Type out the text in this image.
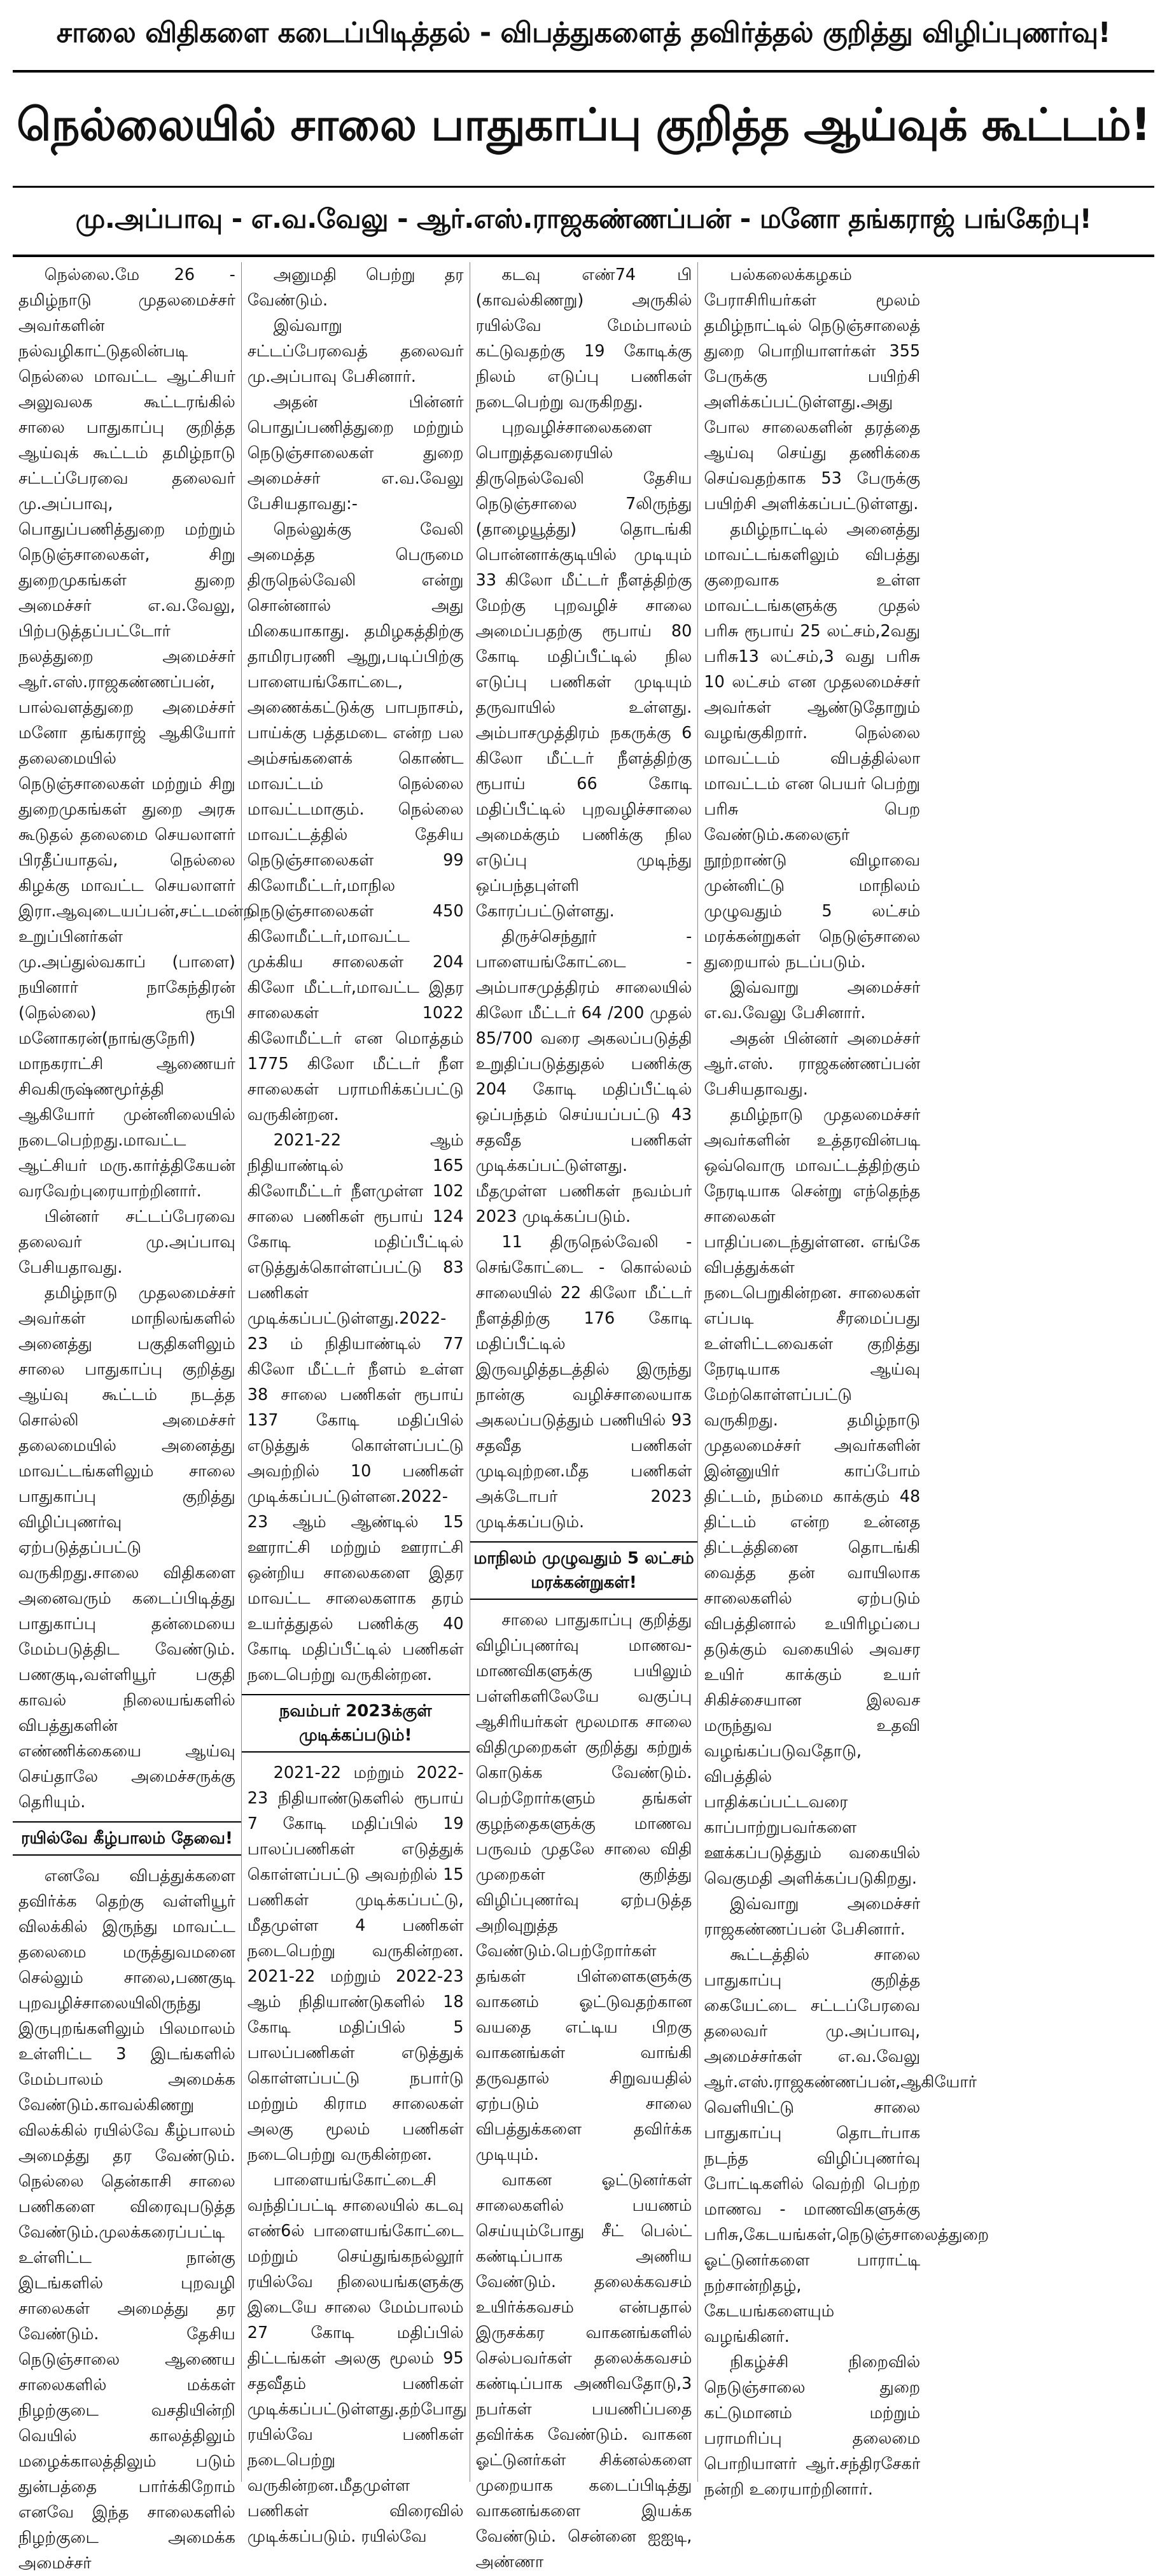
சாலை விதிகளை கடைப்பிடித்தல் - விபத்துகளைத் தவிர்த்தல் குறித்து விழிப்புணர்வு!
நெல்லையில் சாலை பாதுகாப்பு குறித்த ஆய்வுக் கூட்டம்!
மு.அப்பாவு - எ.வ.வேலு - ஆர்.எஸ்.ராஜகண்ணப்பன் - மனோ தங்கராஜ் பங்கேற்பு!

நெல்லை.மே 26 - தமிழ்நாடு முதலமைச்சர் அவர்களின் நல்வழிகாட்டுதலின்படி நெல்லை மாவட்ட ஆட்சியர் அலுவலக கூட்டரங்கில் சாலை பாதுகாப்பு குறித்த ஆய்வுக் கூட்டம் தமிழ்நாடு சட்டப்பேரவை தலைவர் மு.அப்பாவு, பொதுப்பணித்துறை மற்றும் நெடுஞ்சாலைகள், சிறு துறைமுகங்கள் துறை அமைச்சர் எ.வ.வேலு, பிற்படுத்தப்பட்டோர் நலத்துறை அமைச்சர் ஆர்.எஸ்.ராஜகண்ணப்பன், பால்வளத்துறை அமைச்சர் மனோ தங்கராஜ் ஆகியோர் தலைமையில் நெடுஞ்சாலைகள் மற்றும் சிறு துறைமுகங்கள் துறை அரசு கூடுதல் தலைமை செயலாளர் பிரதீப்யாதவ், நெல்லை கிழக்கு மாவட்ட செயலாளர் இரா.ஆவுடையப்பன்,சட்டமன்ற உறுப்பினர்கள் மு.அப்துல்வகாப் (பாளை) நயினார் நாகேந்திரன் (நெல்லை) ரூபி மனோகரன்(நாங்குநேரி) மாநகராட்சி ஆணையர் சிவகிருஷ்ணமூர்த்தி ஆகியோர் முன்னிலையில் நடைபெற்றது.மாவட்ட ஆட்சியர் மரு.கார்த்திகேயன் வரவேற்புரையாற்றினார்.

பின்னர் சட்டப்பேரவை தலைவர் மு.அப்பாவு பேசியதாவது.

தமிழ்நாடு முதலமைச்சர் அவர்கள் மாநிலங்களில் அனைத்து பகுதிகளிலும் சாலை பாதுகாப்பு குறித்து ஆய்வு கூட்டம் நடத்த சொல்லி அமைச்சர் தலைமையில் அனைத்து மாவட்டங்களிலும் சாலை பாதுகாப்பு குறித்து விழிப்புணர்வு ஏற்படுத்தப்பட்டு வருகிறது.சாலை விதிகளை அனைவரும் கடைப்பிடித்து பாதுகாப்பு தன்மையை மேம்படுத்திட வேண்டும். பணகுடி,வள்ளியூர் பகுதி காவல் நிலையங்களில் விபத்துகளின் எண்ணிக்கையை ஆய்வு செய்தாலே அமைச்சருக்கு தெரியும்.

ரயில்வே கீழ்பாலம் தேவை!

எனவே விபத்துக்களை தவிர்க்க தெற்கு வள்ளியூர் விலக்கில் இருந்து மாவட்ட தலைமை மருத்துவமனை செல்லும் சாலை,பணகுடி புறவழிச்சாலையிலிருந்து இருபுறங்களிலும் பிலமாலம் உள்ளிட்ட 3 இடங்களில் மேம்பாலம் அமைக்க வேண்டும்.காவல்கிணறு விலக்கில் ரயில்வே கீழ்பாலம் அமைத்து தர வேண்டும். நெல்லை தென்காசி சாலை பணிகளை விரைவுபடுத்த வேண்டும்.முலக்கரைப்பட்டி உள்ளிட்ட நான்கு இடங்களில் புறவழி சாலைகள் அமைத்து தர வேண்டும். தேசிய நெடுஞ்சாலை ஆணைய சாலைகளில் மக்கள் நிழற்குடை வசதியின்றி வெயில் காலத்திலும் மழைக்காலத்திலும் படும் துன்பத்தை பார்க்கிறோம் எனவே இந்த சாலைகளில் நிழற்குடை அமைக்க அமைச்சர்

அனுமதி பெற்று தர வேண்டும்.

இவ்வாறு சட்டப்பேரவைத் தலைவர் மு.அப்பாவு பேசினார்.

அதன் பின்னர் பொதுப்பணித்துறை மற்றும் நெடுஞ்சாலைகள் துறை அமைச்சர் எ.வ.வேலு பேசியதாவது:-

நெல்லுக்கு வேலி அமைத்த பெருமை திருநெல்வேலி என்று சொன்னால் அது மிகையாகாது. தமிழகத்திற்கு தாமிரபரணி ஆறு,படிப்பிற்கு பாளையங்கோட்டை, அணைக்கட்டுக்கு பாபநாசம், பாய்க்கு பத்தமடை என்ற பல அம்சங்களைக் கொண்ட மாவட்டம் நெல்லை மாவட்டமாகும். நெல்லை மாவட்டத்தில் தேசிய நெடுஞ்சாலைகள் 99 கிலோமீட்டர்,மாநில நெடுஞ்சாலைகள் 450 கிலோமீட்டர்,மாவட்ட முக்கிய சாலைகள் 204 கிலோ மீட்டர்,மாவட்ட இதர சாலைகள் 1022 கிலோமீட்டர் என மொத்தம் 1775 கிலோ மீட்டர் நீள சாலைகள் பராமரிக்கப்பட்டு வருகின்றன.

2021-22 ஆம் நிதியாண்டில் 165 கிலோமீட்டர் நீளமுள்ள 102 சாலை பணிகள் ரூபாய் 124 கோடி மதிப்பீட்டில் எடுத்துக்கொள்ளப்பட்டு 83 பணிகள் முடிக்கப்பட்டுள்ளது.2022-23 ம் நிதியாண்டில் 77 கிலோ மீட்டர் நீளம் உள்ள 38 சாலை பணிகள் ரூபாய் 137 கோடி மதிப்பில் எடுத்துக் கொள்ளப்பட்டு அவற்றில் 10 பணிகள் முடிக்கப்பட்டுள்ளன.2022-23 ஆம் ஆண்டில் 15 ஊராட்சி மற்றும் ஊராட்சி ஒன்றிய சாலைகளை இதர மாவட்ட சாலைகளாக தரம் உயர்த்துதல் பணிக்கு 40 கோடி மதிப்பீட்டில் பணிகள் நடைபெற்று வருகின்றன.

நவம்பர் 2023க்குள் முடிக்கப்படும்!

2021-22 மற்றும் 2022-23 நிதியாண்டுகளில் ரூபாய் 7 கோடி மதிப்பில் 19 பாலப்பணிகள் எடுத்துக் கொள்ளப்பட்டு அவற்றில் 15 பணிகள் முடிக்கப்பட்டு, மீதமுள்ள 4 பணிகள் நடைபெற்று வருகின்றன. 2021-22 மற்றும் 2022-23 ஆம் நிதியாண்டுகளில் 18 கோடி மதிப்பில் 5 பாலப்பணிகள் எடுத்துக் கொள்ளப்பட்டு நபார்டு மற்றும் கிராம சாலைகள் அலகு மூலம் பணிகள் நடைபெற்று வருகின்றன.

பாளையங்கோட்டைசி வந்திப்பட்டி சாலையில் கடவு எண்6ல் பாளையங்கோட்டை மற்றும் செய்துங்கநல்லூர் ரயில்வே நிலையங்களுக்கு இடையே சாலை மேம்பாலம் 27 கோடி மதிப்பில் திட்டங்கள் அலகு மூலம் 95 சதவீதம் பணிகள் முடிக்கப்பட்டுள்ளது.தற்போது ரயில்வே பணிகள் நடைபெற்று வருகின்றன.மீதமுள்ள பணிகள் விரைவில் முடிக்கப்படும். ரயில்வே

கடவு எண்74 பி (காவல்கிணறு) அருகில் ரயில்வே மேம்பாலம் கட்டுவதற்கு 19 கோடிக்கு நிலம் எடுப்பு பணிகள் நடைபெற்று வருகிறது.

புறவழிச்சாலைகளை பொறுத்தவரையில் திருநெல்வேலி தேசிய நெடுஞ்சாலை 7லிருந்து (தாழையூத்து) தொடங்கி பொன்னாக்குடியில் முடியும் 33 கிலோ மீட்டர் நீளத்திற்கு மேற்கு புறவழிச் சாலை அமைப்பதற்கு ரூபாய் 80 கோடி மதிப்பீட்டில் நில எடுப்பு பணிகள் முடியும் தருவாயில் உள்ளது. அம்பாசமுத்திரம் நகருக்கு 6 கிலோ மீட்டர் நீளத்திற்கு ரூபாய் 66 கோடி மதிப்பீட்டில் புறவழிச்சாலை அமைக்கும் பணிக்கு நில எடுப்பு முடிந்து ஒப்பந்தபுள்ளி கோரப்பட்டுள்ளது.

திருச்செந்தூர் - பாளையங்கோட்டை - அம்பாசமுத்திரம் சாலையில் கிலோ மீட்டர் 64 /200 முதல் 85/700 வரை அகலப்படுத்தி உறுதிப்படுத்துதல் பணிக்கு 204 கோடி மதிப்பீட்டில் ஒப்பந்தம் செய்யப்பட்டு 43 சதவீத பணிகள் முடிக்கப்பட்டுள்ளது. மீதமுள்ள பணிகள் நவம்பர் 2023 முடிக்கப்படும்.

11 திருநெல்வேலி - செங்கோட்டை - கொல்லம் சாலையில் 22 கிலோ மீட்டர் நீளத்திற்கு 176 கோடி மதிப்பீட்டில் இருவழித்தடத்தில் இருந்து நான்கு வழிச்சாலையாக அகலப்படுத்தும் பணியில் 93 சதவீத பணிகள் முடிவுற்றன.மீத பணிகள் அக்டோபர் 2023 முடிக்கப்படும்.

மாநிலம் முழுவதும் 5 லட்சம் மரக்கன்றுகள்!

சாலை பாதுகாப்பு குறித்து விழிப்புணர்வு மாணவ-மாணவிகளுக்கு பயிலும் பள்ளிகளிலேயே வகுப்பு ஆசிரியர்கள் மூலமாக சாலை விதிமுறைகள் குறித்து கற்றுக் கொடுக்க வேண்டும். பெற்றோர்களும் தங்கள் குழந்தைகளுக்கு மாணவ பருவம் முதலே சாலை விதி முறைகள் குறித்து விழிப்புணர்வு ஏற்படுத்த அறிவுறுத்த வேண்டும்.பெற்றோர்கள் தங்கள் பிள்ளைகளுக்கு வாகனம் ஓட்டுவதற்கான வயதை எட்டிய பிறகு வாகனங்கள் வாங்கி தருவதால் சிறுவயதில் ஏற்படும் சாலை விபத்துக்களை தவிர்க்க முடியும்.

வாகன ஓட்டுனர்கள் சாலைகளில் பயணம் செய்யும்போது சீட் பெல்ட் கண்டிப்பாக அணிய வேண்டும். தலைக்கவசம் உயிர்க்கவசம் என்பதால் இருசக்கர வாகனங்களில் செல்பவர்கள் தலைக்கவசம் கண்டிப்பாக அணிவதோடு,3 நபர்கள் பயணிப்பதை தவிர்க்க வேண்டும். வாகன ஓட்டுனர்கள் சிக்னல்களை முறையாக கடைப்பிடித்து வாகனங்களை இயக்க வேண்டும். சென்னை ஐஐடி, அண்ணா

பல்கலைக்கழகம் பேராசிரியர்கள் மூலம் தமிழ்நாட்டில் நெடுஞ்சாலைத் துறை பொறியாளர்கள் 355 பேருக்கு பயிற்சி அளிக்கப்பட்டுள்ளது.அது போல சாலைகளின் தரத்தை ஆய்வு செய்து தணிக்கை செய்வதற்காக 53 பேருக்கு பயிற்சி அளிக்கப்பட்டுள்ளது.

தமிழ்நாட்டில் அனைத்து மாவட்டங்களிலும் விபத்து குறைவாக உள்ள மாவட்டங்களுக்கு முதல் பரிசு ரூபாய் 25 லட்சம்,2வது பரிசு13 லட்சம்,3 வது பரிசு 10 லட்சம் என முதலமைச்சர் அவர்கள் ஆண்டுதோறும் வழங்குகிறார். நெல்லை மாவட்டம் விபத்தில்லா மாவட்டம் என பெயர் பெற்று பரிசு பெற வேண்டும்.கலைஞர் நூற்றாண்டு விழாவை முன்னிட்டு மாநிலம் முழுவதும் 5 லட்சம் மரக்கன்றுகள் நெடுஞ்சாலை துறையால் நடப்படும்.

இவ்வாறு அமைச்சர் எ.வ.வேலு பேசினார்.

அதன் பின்னர் அமைச்சர் ஆர்.எஸ். ராஜகண்ணப்பன் பேசியதாவது.

தமிழ்நாடு முதலமைச்சர் அவர்களின் உத்தரவின்படி ஒவ்வொரு மாவட்டத்திற்கும் நேரடியாக சென்று எந்தெந்த சாலைகள் பாதிப்படைந்துள்ளன. எங்கே விபத்துக்கள் நடைபெறுகின்றன. சாலைகள் எப்படி சீரமைப்பது உள்ளிட்டவைகள் குறித்து நேரடியாக ஆய்வு மேற்கொள்ளப்பட்டு வருகிறது. தமிழ்நாடு முதலமைச்சர் அவர்களின் இன்னுயிர் காப்போம் திட்டம், நம்மை காக்கும் 48 திட்டம் என்ற உன்னத திட்டத்தினை தொடங்கி வைத்த தன் வாயிலாக சாலைகளில் ஏற்படும் விபத்தினால் உயிரிழப்பை தடுக்கும் வகையில் அவசர உயிர் காக்கும் உயர் சிகிச்சையான இலவச மருந்துவ உதவி வழங்கப்படுவதோடு, விபத்தில் பாதிக்கப்பட்டவரை காப்பாற்றுபவர்களை ஊக்கப்படுத்தும் வகையில் வெகுமதி அளிக்கப்படுகிறது.

இவ்வாறு அமைச்சர் ராஜகண்ணப்பன் பேசினார்.

கூட்டத்தில் சாலை பாதுகாப்பு குறித்த கையேட்டை சட்டப்பேரவை தலைவர் மு.அப்பாவு, அமைச்சர்கள் எ.வ.வேலு ஆர்.எஸ்.ராஜகண்ணப்பன்,ஆகியோர் வெளியிட்டு சாலை பாதுகாப்பு தொடர்பாக நடந்த விழிப்புணர்வு போட்டிகளில் வெற்றி பெற்ற மாணவ - மாணவிகளுக்கு பரிசு,கேடயங்கள்,நெடுஞ்சாலைத்துறை ஓட்டுனர்களை பாராட்டி நற்சான்றிதழ், கேடயங்களையும் வழங்கினர்.

நிகழ்ச்சி நிறைவில் நெடுஞ்சாலை துறை கட்டுமானம் மற்றும் பராமரிப்பு தலைமை பொறியாளர் ஆர்.சந்திரசேகர் நன்றி உரையாற்றினார்.
